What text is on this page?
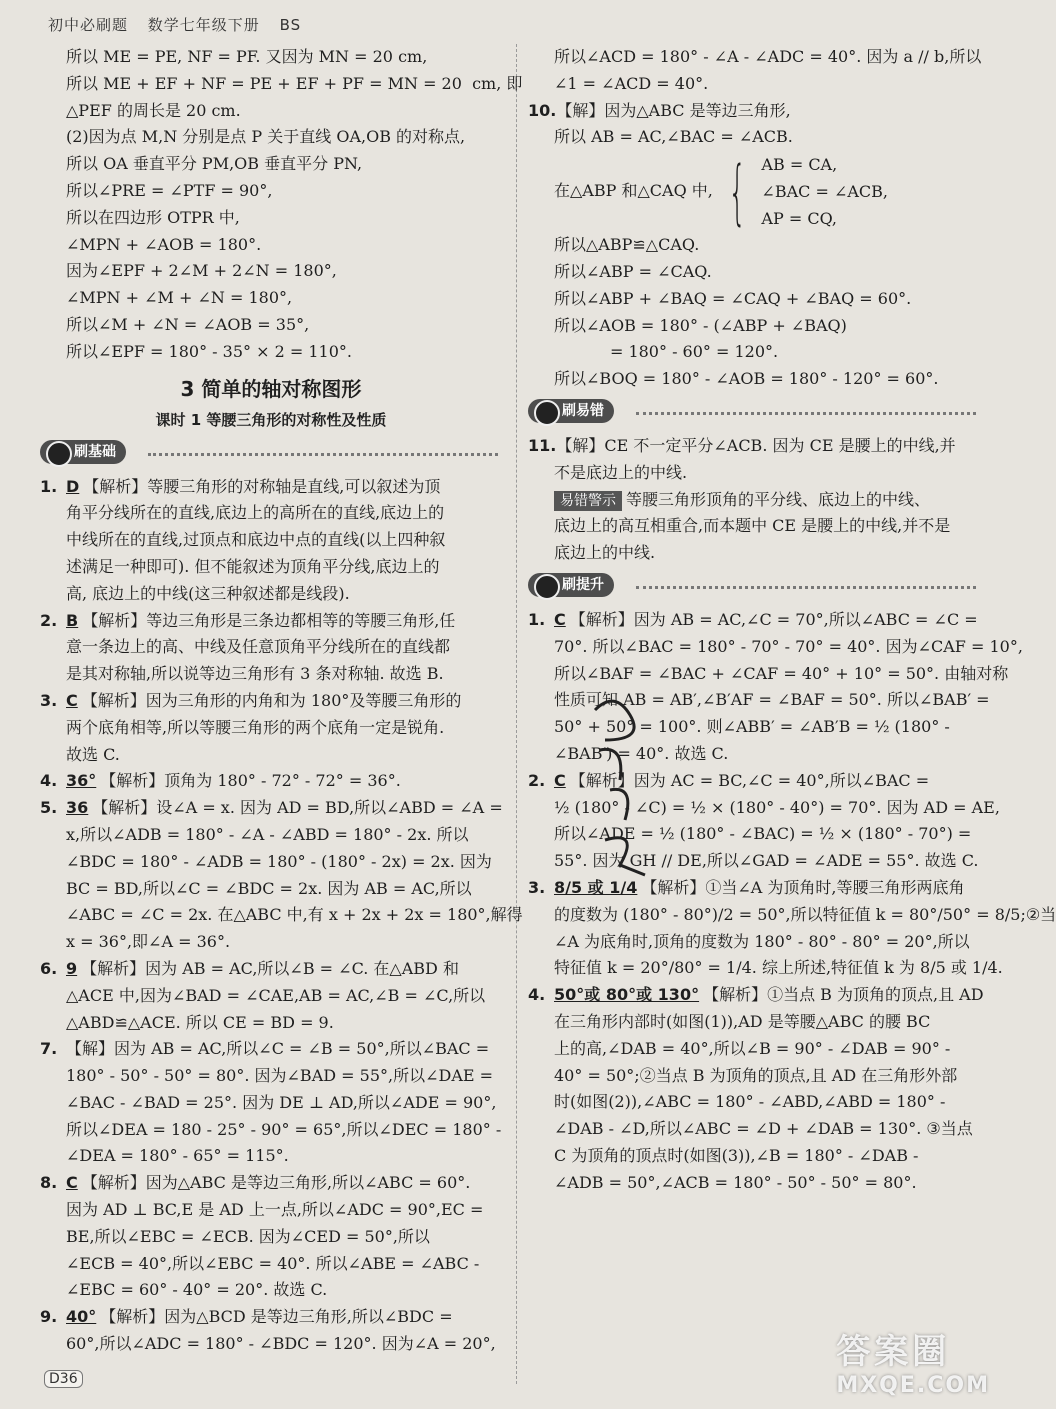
初中必刷题 数学七年级下册 BS
所以 ME = PE, NF = PF. 又因为 MN = 20 cm,
所以 ME + EF + NF = PE + EF + PF = MN = 20  cm, 即
△PEF 的周长是 20 cm.
(2)因为点 M,N 分别是点 P 关于直线 OA,OB 的对称点,
所以 OA 垂直平分 PM,OB 垂直平分 PN,
所以∠PRE = ∠PTF = 90°,
所以在四边形 OTPR 中,
∠MPN + ∠AOB = 180°.
因为∠EPF + 2∠M + 2∠N = 180°,
∠MPN + ∠M + ∠N = 180°,
所以∠M + ∠N = ∠AOB = 35°,
所以∠EPF = 180° - 35° × 2 = 110°.
3 简单的轴对称图形
课时 1 等腰三角形的对称性及性质
刷基础
1. D 【解析】等腰三角形的对称轴是直线,可以叙述为顶
角平分线所在的直线,底边上的高所在的直线,底边上的
中线所在的直线,过顶点和底边中点的直线(以上四种叙
述满足一种即可). 但不能叙述为顶角平分线,底边上的
高, 底边上的中线(这三种叙述都是线段).
2. B 【解析】等边三角形是三条边都相等的等腰三角形,任
意一条边上的高、中线及任意顶角平分线所在的直线都
是其对称轴,所以说等边三角形有 3 条对称轴. 故选 B.
3. C 【解析】因为三角形的内角和为 180°及等腰三角形的
两个底角相等,所以等腰三角形的两个底角一定是锐角.
故选 C.
4. 36° 【解析】顶角为 180° - 72° - 72° = 36°.
5. 36 【解析】设∠A = x. 因为 AD = BD,所以∠ABD = ∠A =
x,所以∠ADB = 180° - ∠A - ∠ABD = 180° - 2x. 所以
∠BDC = 180° - ∠ADB = 180° - (180° - 2x) = 2x. 因为
BC = BD,所以∠C = ∠BDC = 2x. 因为 AB = AC,所以
∠ABC = ∠C = 2x. 在△ABC 中,有 x + 2x + 2x = 180°,解得
x = 36°,即∠A = 36°.
6. 9 【解析】因为 AB = AC,所以∠B = ∠C. 在△ABD 和
△ACE 中,因为∠BAD = ∠CAE,AB = AC,∠B = ∠C,所以
△ABD≌△ACE. 所以 CE = BD = 9.
7. 【解】因为 AB = AC,所以∠C = ∠B = 50°,所以∠BAC =
180° - 50° - 50° = 80°. 因为∠BAD = 55°,所以∠DAE =
∠BAC - ∠BAD = 25°. 因为 DE ⊥ AD,所以∠ADE = 90°,
所以∠DEA = 180 - 25° - 90° = 65°,所以∠DEC = 180° -
∠DEA = 180° - 65° = 115°.
8. C 【解析】因为△ABC 是等边三角形,所以∠ABC = 60°.
因为 AD ⊥ BC,E 是 AD 上一点,所以∠ADC = 90°,EC =
BE,所以∠EBC = ∠ECB. 因为∠CED = 50°,所以
∠ECB = 40°,所以∠EBC = 40°. 所以∠ABE = ∠ABC -
∠EBC = 60° - 40° = 20°. 故选 C.
9. 40° 【解析】因为△BCD 是等边三角形,所以∠BDC =
60°,所以∠ADC = 180° - ∠BDC = 120°. 因为∠A = 20°,
所以∠ACD = 180° - ∠A - ∠ADC = 40°. 因为 a // b,所以
∠1 = ∠ACD = 40°.
10.【解】因为△ABC 是等边三角形,
所以 AB = AC,∠BAC = ∠ACB.
在△ABP 和△CAQ 中, { AB = CA,
∠BAC = ∠ACB,
AP = CQ,
所以△ABP≌△CAQ.
所以∠ABP = ∠CAQ.
所以∠ABP + ∠BAQ = ∠CAQ + ∠BAQ = 60°.
所以∠AOB = 180° - (∠ABP + ∠BAQ)
= 180° - 60° = 120°.
所以∠BOQ = 180° - ∠AOB = 180° - 120° = 60°.
刷易错
11.【解】CE 不一定平分∠ACB. 因为 CE 是腰上的中线,并
不是底边上的中线.
易错警示 等腰三角形顶角的平分线、底边上的中线、
底边上的高互相重合,而本题中 CE 是腰上的中线,并不是
底边上的中线.
刷提升
1. C 【解析】因为 AB = AC,∠C = 70°,所以∠ABC = ∠C =
70°. 所以∠BAC = 180° - 70° - 70° = 40°. 因为∠CAF = 10°,
所以∠BAF = ∠BAC + ∠CAF = 40° + 10° = 50°. 由轴对称
性质可知 AB = AB′,∠B′AF = ∠BAF = 50°. 所以∠BAB′ =
50° + 50° = 100°. 则∠ABB′ = ∠AB′B = ½ (180° -
∠BAB′) = 40°. 故选 C.
2. C 【解析】因为 AC = BC,∠C = 40°,所以∠BAC =
½ (180° - ∠C) = ½ × (180° - 40°) = 70°. 因为 AD = AE,
所以∠ADE = ½ (180° - ∠BAC) = ½ × (180° - 70°) =
55°. 因为 GH // DE,所以∠GAD = ∠ADE = 55°. 故选 C.
3. 8/5 或 1/4 【解析】①当∠A 为顶角时,等腰三角形两底角
的度数为 (180° - 80°)/2 = 50°,所以特征值 k = 80°/50° = 8/5;②当
∠A 为底角时,顶角的度数为 180° - 80° - 80° = 20°,所以
特征值 k = 20°/80° = 1/4. 综上所述,特征值 k 为 8/5 或 1/4.
4. 50°或 80°或 130° 【解析】①当点 B 为顶角的顶点,且 AD
在三角形内部时(如图(1)),AD 是等腰△ABC 的腰 BC
上的高,∠DAB = 40°,所以∠B = 90° - ∠DAB = 90° -
40° = 50°;②当点 B 为顶角的顶点,且 AD 在三角形外部
时(如图(2)),∠ABC = 180° - ∠ABD,∠ABD = 180° -
∠DAB - ∠D,所以∠ABC = ∠D + ∠DAB = 130°. ③当点
C 为顶角的顶点时(如图(3)),∠B = 180° - ∠DAB -
∠ADB = 50°,∠ACB = 180° - 50° - 50° = 80°.
D36
答案圈
MXQE.COM
